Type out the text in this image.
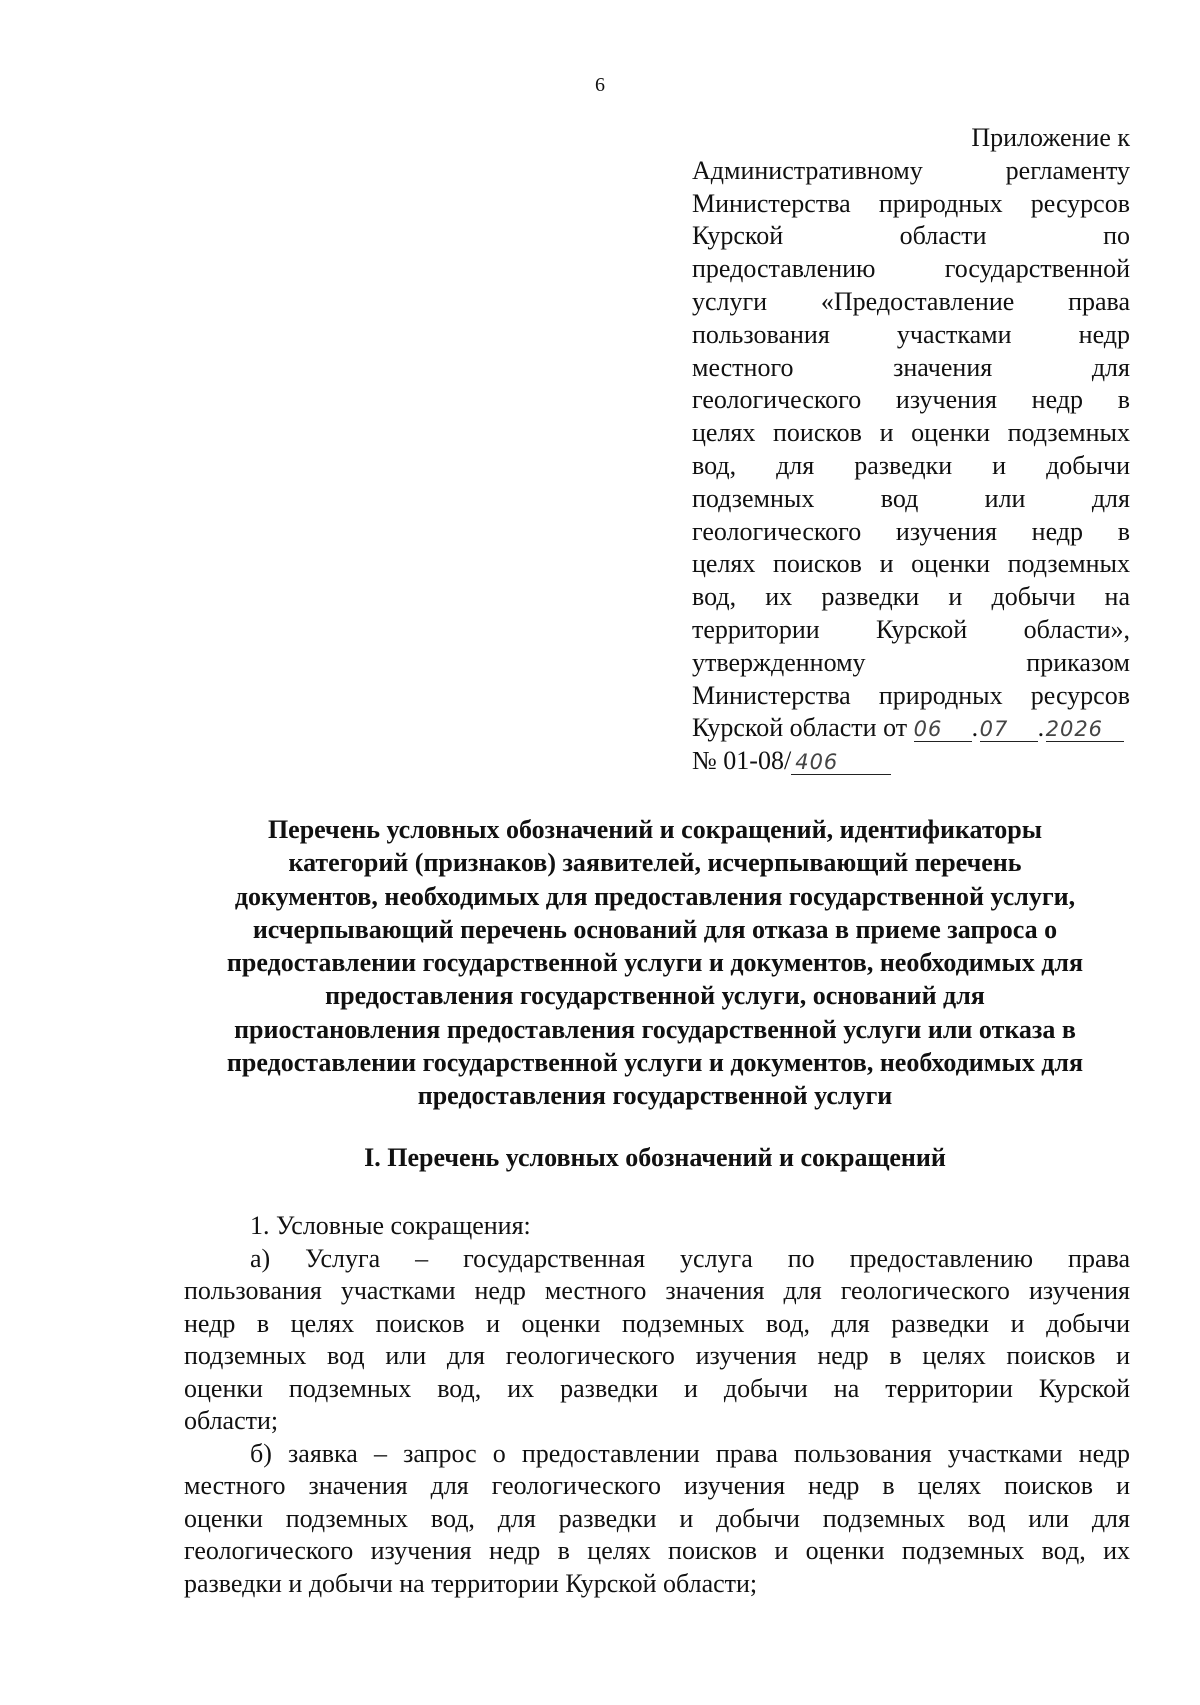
6
Приложение к
Административному регламенту
Министерства природных ресурсов
Курской области по
предоставлению государственной
услуги «Предоставление права
пользования участками недр
местного значения для
геологического изучения недр в
целях поисков и оценки подземных
вод, для разведки и добычи
подземных вод или для
геологического изучения недр в
целях поисков и оценки подземных
вод, их разведки и добычи на
территории Курской области»,
утвержденному приказом
Министерства природных ресурсов
Курской области от 06 .07 .2026
№ 01-08/ 406
Перечень условных обозначений и сокращений, идентификаторы
категорий (признаков) заявителей, исчерпывающий перечень
документов, необходимых для предоставления государственной услуги,
исчерпывающий перечень оснований для отказа в приеме запроса о
предоставлении государственной услуги и документов, необходимых для
предоставления государственной услуги, оснований для
приостановления предоставления государственной услуги или отказа в
предоставлении государственной услуги и документов, необходимых для
предоставления государственной услуги
I. Перечень условных обозначений и сокращений
1. Условные сокращения:
а) Услуга – государственная услуга по предоставлению права
пользования участками недр местного значения для геологического изучения
недр в целях поисков и оценки подземных вод, для разведки и добычи
подземных вод или для геологического изучения недр в целях поисков и
оценки подземных вод, их разведки и добычи на территории Курской
области;
б) заявка – запрос о предоставлении права пользования участками недр
местного значения для геологического изучения недр в целях поисков и
оценки подземных вод, для разведки и добычи подземных вод или для
геологического изучения недр в целях поисков и оценки подземных вод, их
разведки и добычи на территории Курской области;
